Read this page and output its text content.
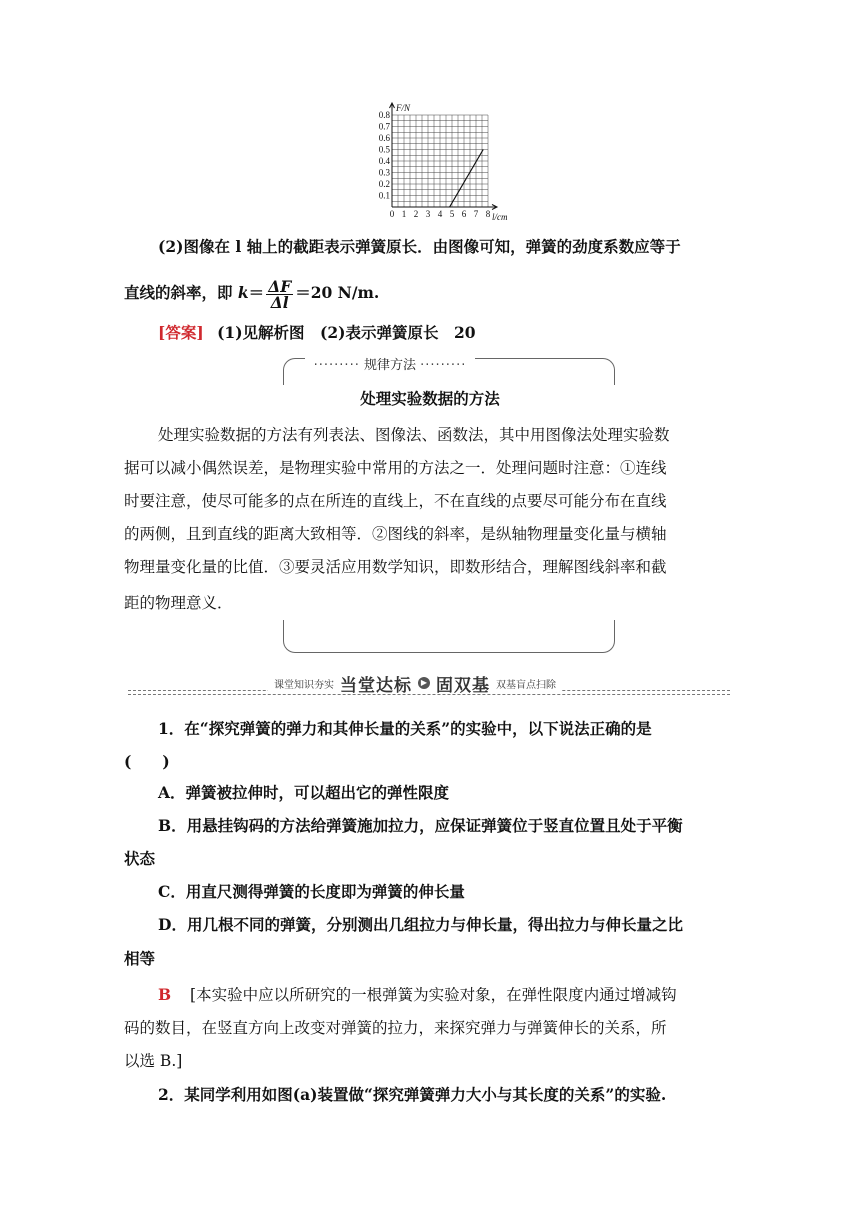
0 1 2 3 4 5 6 7 8
0.1
0.2
0.3
0.4
0.5
0.6
0.7
0.8
F/N
l/cm
(2)图像在 l 轴上的截距表示弹簧原长．由图像可知，弹簧的劲度系数应等于
直线的斜率，即 $k= \frac{\Delta F}{\Delta l} =20$ N/m.
[答案] (1)见解析图　(2)表示弹簧原长　20
········· 规律方法 ·········
处理实验数据的方法
处理实验数据的方法有列表法、图像法、函数法，其中用图像法处理实验数
据可以减小偶然误差，是物理实验中常用的方法之一．处理问题时注意：①连线
时要注意，使尽可能多的点在所连的直线上，不在直线的点要尽可能分布在直线
的两侧，且到直线的距离大致相等．②图线的斜率，是纵轴物理量变化量与横轴
物理量变化量的比值．③要灵活应用数学知识，即数形结合，理解图线斜率和截
距的物理意义．
课堂知识夯实 当堂达标	▶ 固双基 双基盲点扫除
1．在“探究弹簧的弹力和其伸长量的关系”的实验中，以下说法正确的是
(　　)
A．弹簧被拉伸时，可以超出它的弹性限度
B．用悬挂钩码的方法给弹簧施加拉力，应保证弹簧位于竖直位置且处于平衡
状态
C．用直尺测得弹簧的长度即为弹簧的伸长量
D．用几根不同的弹簧，分别测出几组拉力与伸长量，得出拉力与伸长量之比
相等
B [本实验中应以所研究的一根弹簧为实验对象，在弹性限度内通过增减钩
码的数目，在竖直方向上改变对弹簧的拉力，来探究弹力与弹簧伸长的关系，所
以选 B.]
2．某同学利用如图(a)装置做“探究弹簧弹力大小与其长度的关系”的实验.
